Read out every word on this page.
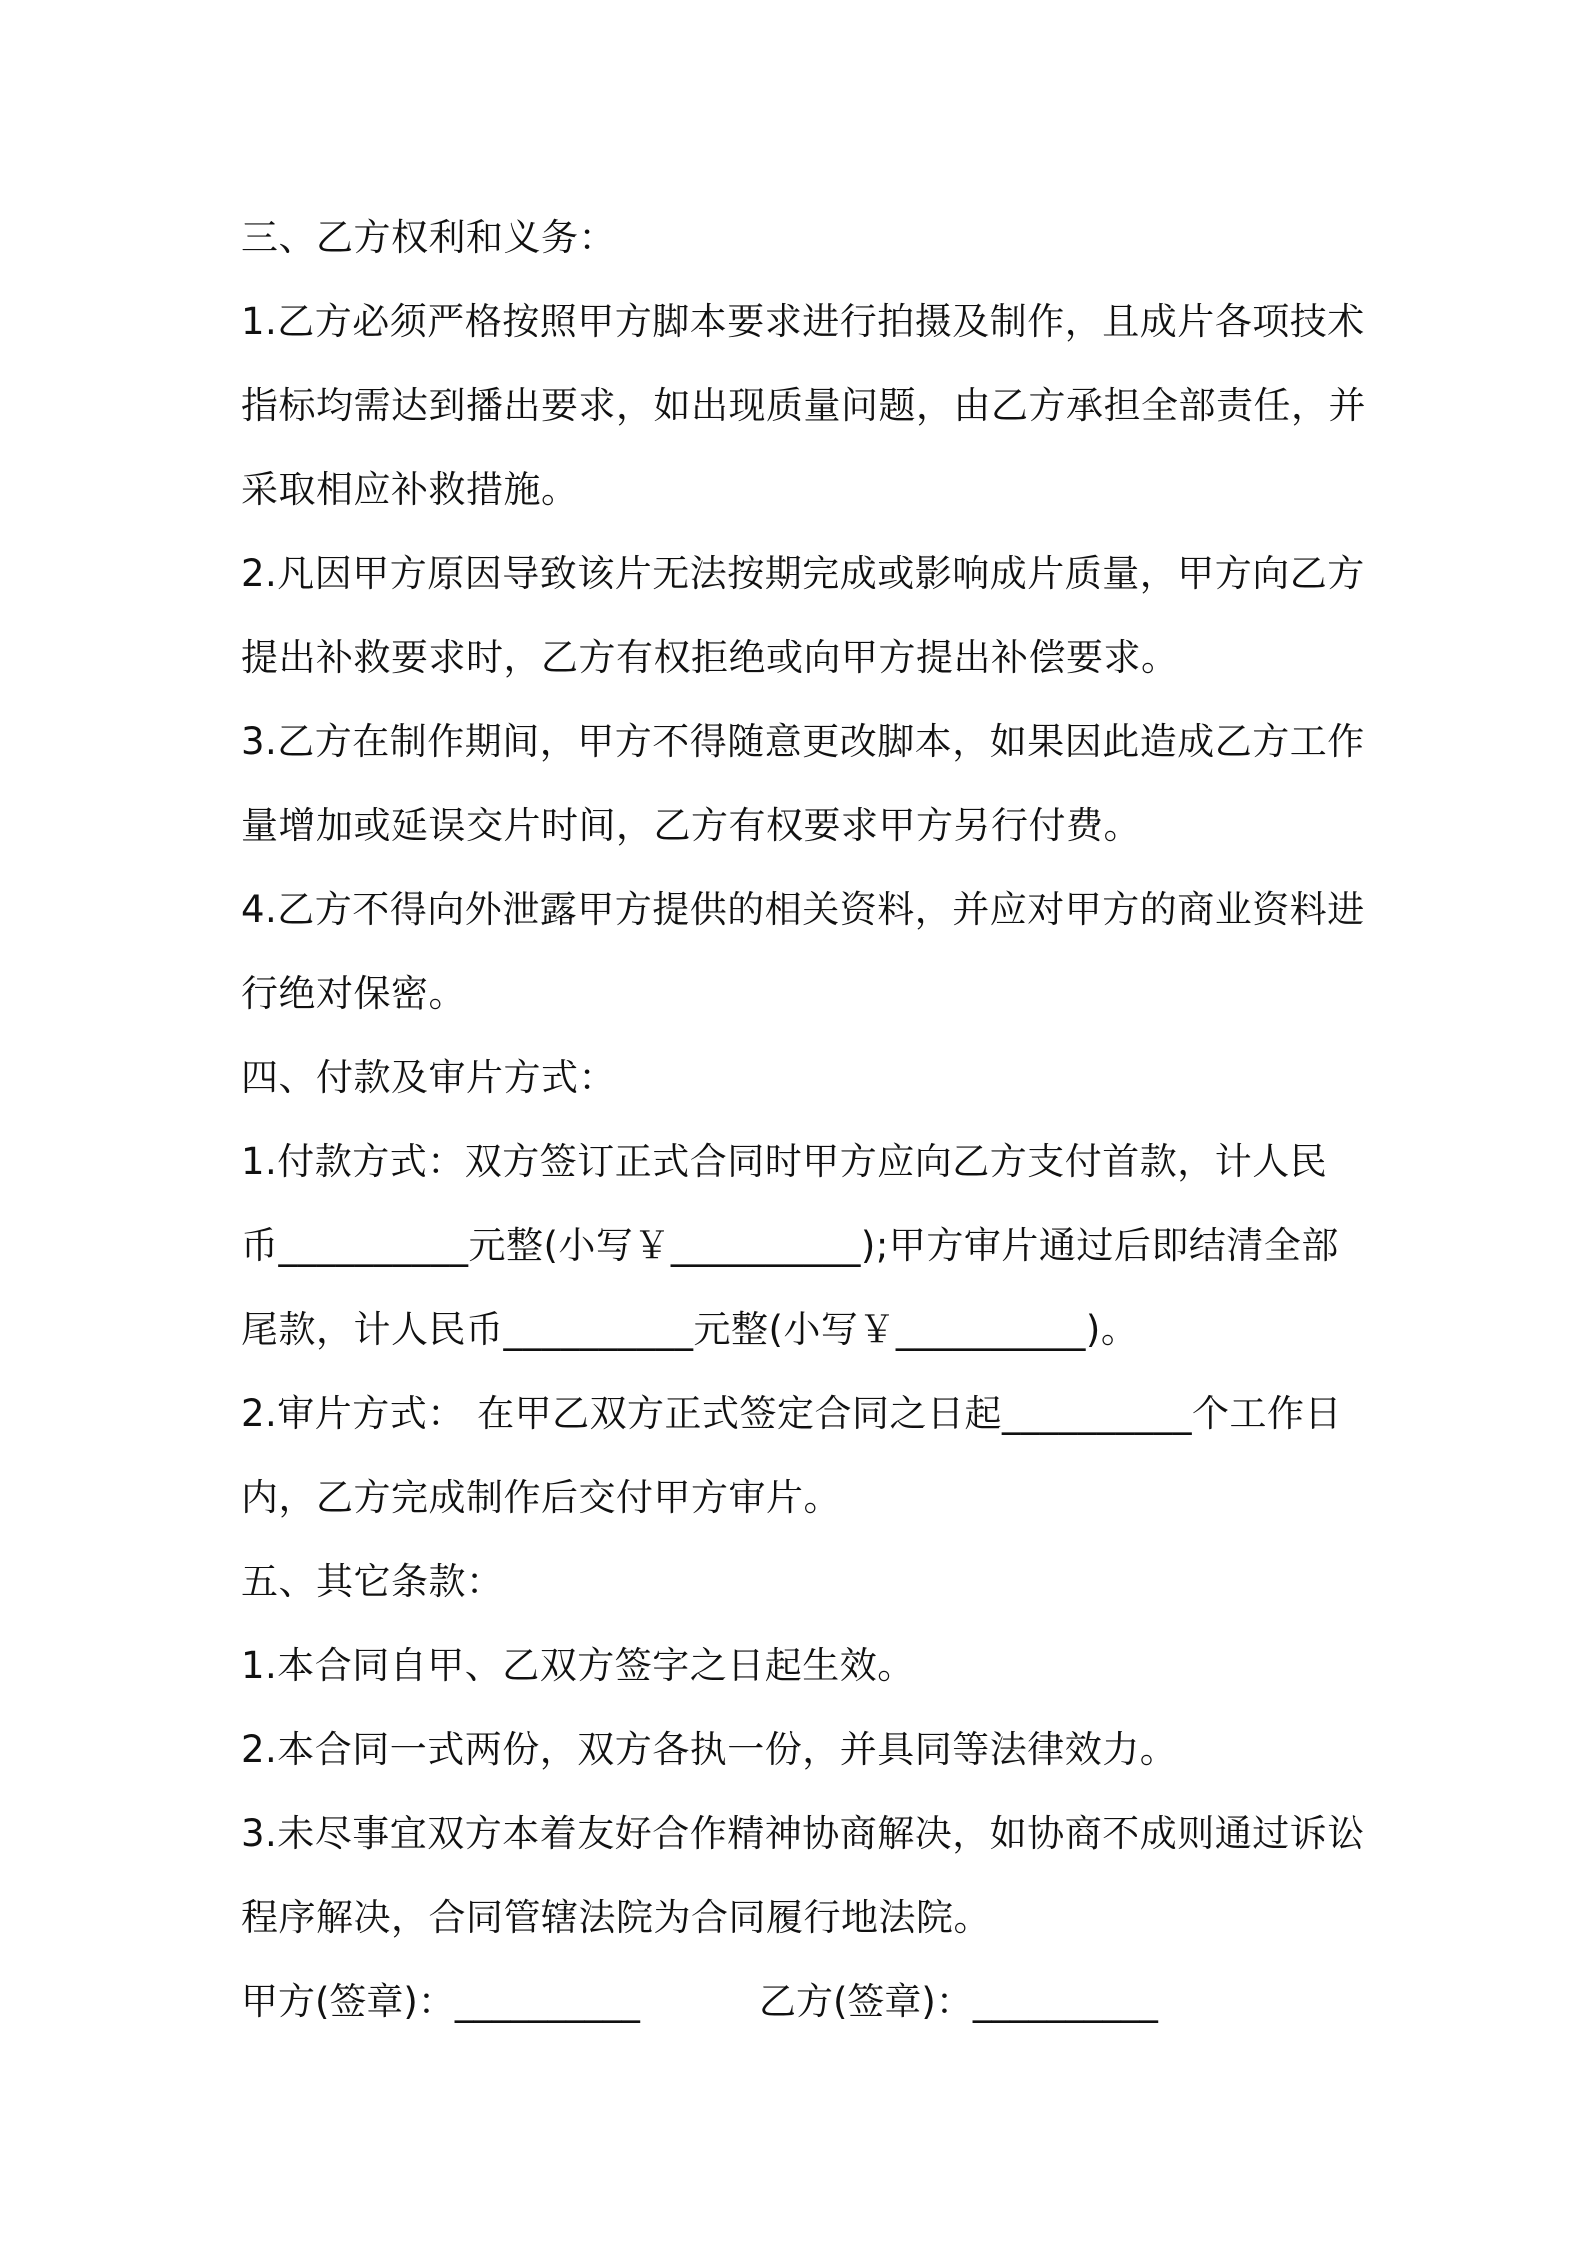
三、乙方权利和义务：
1.乙方必须严格按照甲方脚本要求进行拍摄及制作，且成片各项技术
指标均需达到播出要求，如出现质量问题，由乙方承担全部责任，并
采取相应补救措施。
2.凡因甲方原因导致该片无法按期完成或影响成片质量，甲方向乙方
提出补救要求时，乙方有权拒绝或向甲方提出补偿要求。
3.乙方在制作期间，甲方不得随意更改脚本，如果因此造成乙方工作
量增加或延误交片时间，乙方有权要求甲方另行付费。
4.乙方不得向外泄露甲方提供的相关资料，并应对甲方的商业资料进
行绝对保密。
四、付款及审片方式：
1.付款方式：双方签订正式合同时甲方应向乙方支付首款，计人民
币__________元整(小写￥__________);甲方审片通过后即结清全部
尾款，计人民币__________元整(小写￥__________)。
2.审片方式： 在甲乙双方正式签定合同之日起__________个工作日
内，乙方完成制作后交付甲方审片。
五、其它条款：
1.本合同自甲、乙双方签字之日起生效。
2.本合同一式两份，双方各执一份，并具同等法律效力。
3.未尽事宜双方本着友好合作精神协商解决，如协商不成则通过诉讼
程序解决，合同管辖法院为合同履行地法院。
甲方(签章)：__________	乙方(签章)：__________
